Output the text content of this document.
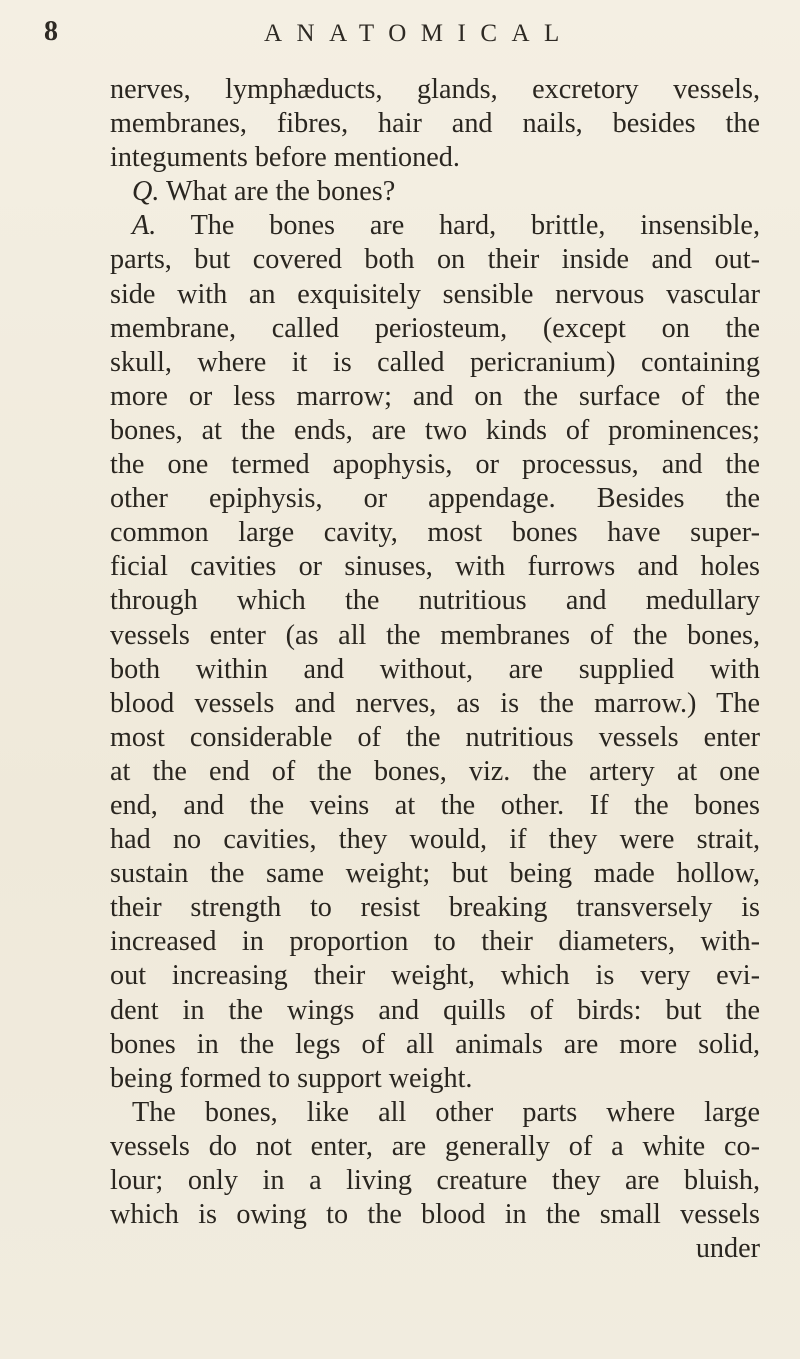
8	ANATOMICAL
nerves, lymphæducts, glands, excretory vessels,
membranes, fibres, hair and nails, besides the
integuments before mentioned.
Q. What are the bones?
A. The bones are hard, brittle, insensible,
parts, but covered both on their inside and out-
side with an exquisitely sensible nervous vascular
membrane, called periosteum, (except on the
skull, where it is called pericranium) containing
more or less marrow; and on the surface of the
bones, at the ends, are two kinds of prominences;
the one termed apophysis, or processus, and the
other epiphysis, or appendage. Besides the
common large cavity, most bones have super-
ficial cavities or sinuses, with furrows and holes
through which the nutritious and medullary
vessels enter (as all the membranes of the bones,
both within and without, are supplied with
blood vessels and nerves, as is the marrow.) The
most considerable of the nutritious vessels enter
at the end of the bones, viz. the artery at one
end, and the veins at the other. If the bones
had no cavities, they would, if they were strait,
sustain the same weight; but being made hollow,
their strength to resist breaking transversely is
increased in proportion to their diameters, with-
out increasing their weight, which is very evi-
dent in the wings and quills of birds: but the
bones in the legs of all animals are more solid,
being formed to support weight.
The bones, like all other parts where large
vessels do not enter, are generally of a white co-
lour; only in a living creature they are bluish,
which is owing to the blood in the small vessels
under
